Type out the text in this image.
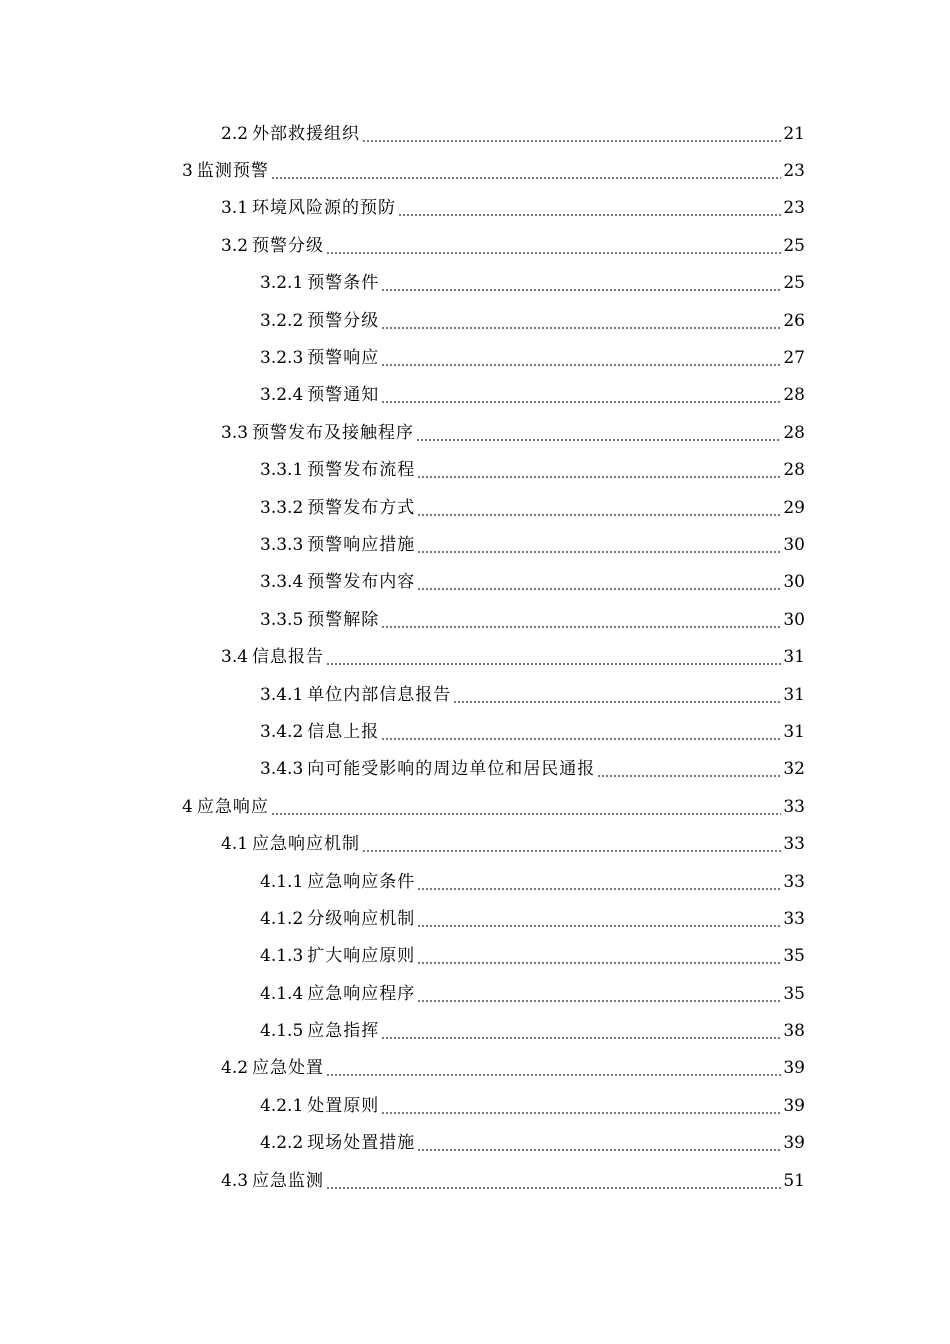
2.2 外部救援组织	21
3 监测预警	23
3.1 环境风险源的预防	23
3.2 预警分级	25
3.2.1 预警条件	25
3.2.2 预警分级	26
3.2.3 预警响应	27
3.2.4 预警通知	28
3.3 预警发布及接触程序	28
3.3.1 预警发布流程	28
3.3.2 预警发布方式	29
3.3.3 预警响应措施	30
3.3.4 预警发布内容	30
3.3.5 预警解除	30
3.4 信息报告	31
3.4.1 单位内部信息报告	31
3.4.2 信息上报	31
3.4.3 向可能受影响的周边单位和居民通报	32
4 应急响应	33
4.1 应急响应机制	33
4.1.1 应急响应条件	33
4.1.2 分级响应机制	33
4.1.3 扩大响应原则	35
4.1.4 应急响应程序	35
4.1.5 应急指挥	38
4.2 应急处置	39
4.2.1 处置原则	39
4.2.2 现场处置措施	39
4.3 应急监测	51
